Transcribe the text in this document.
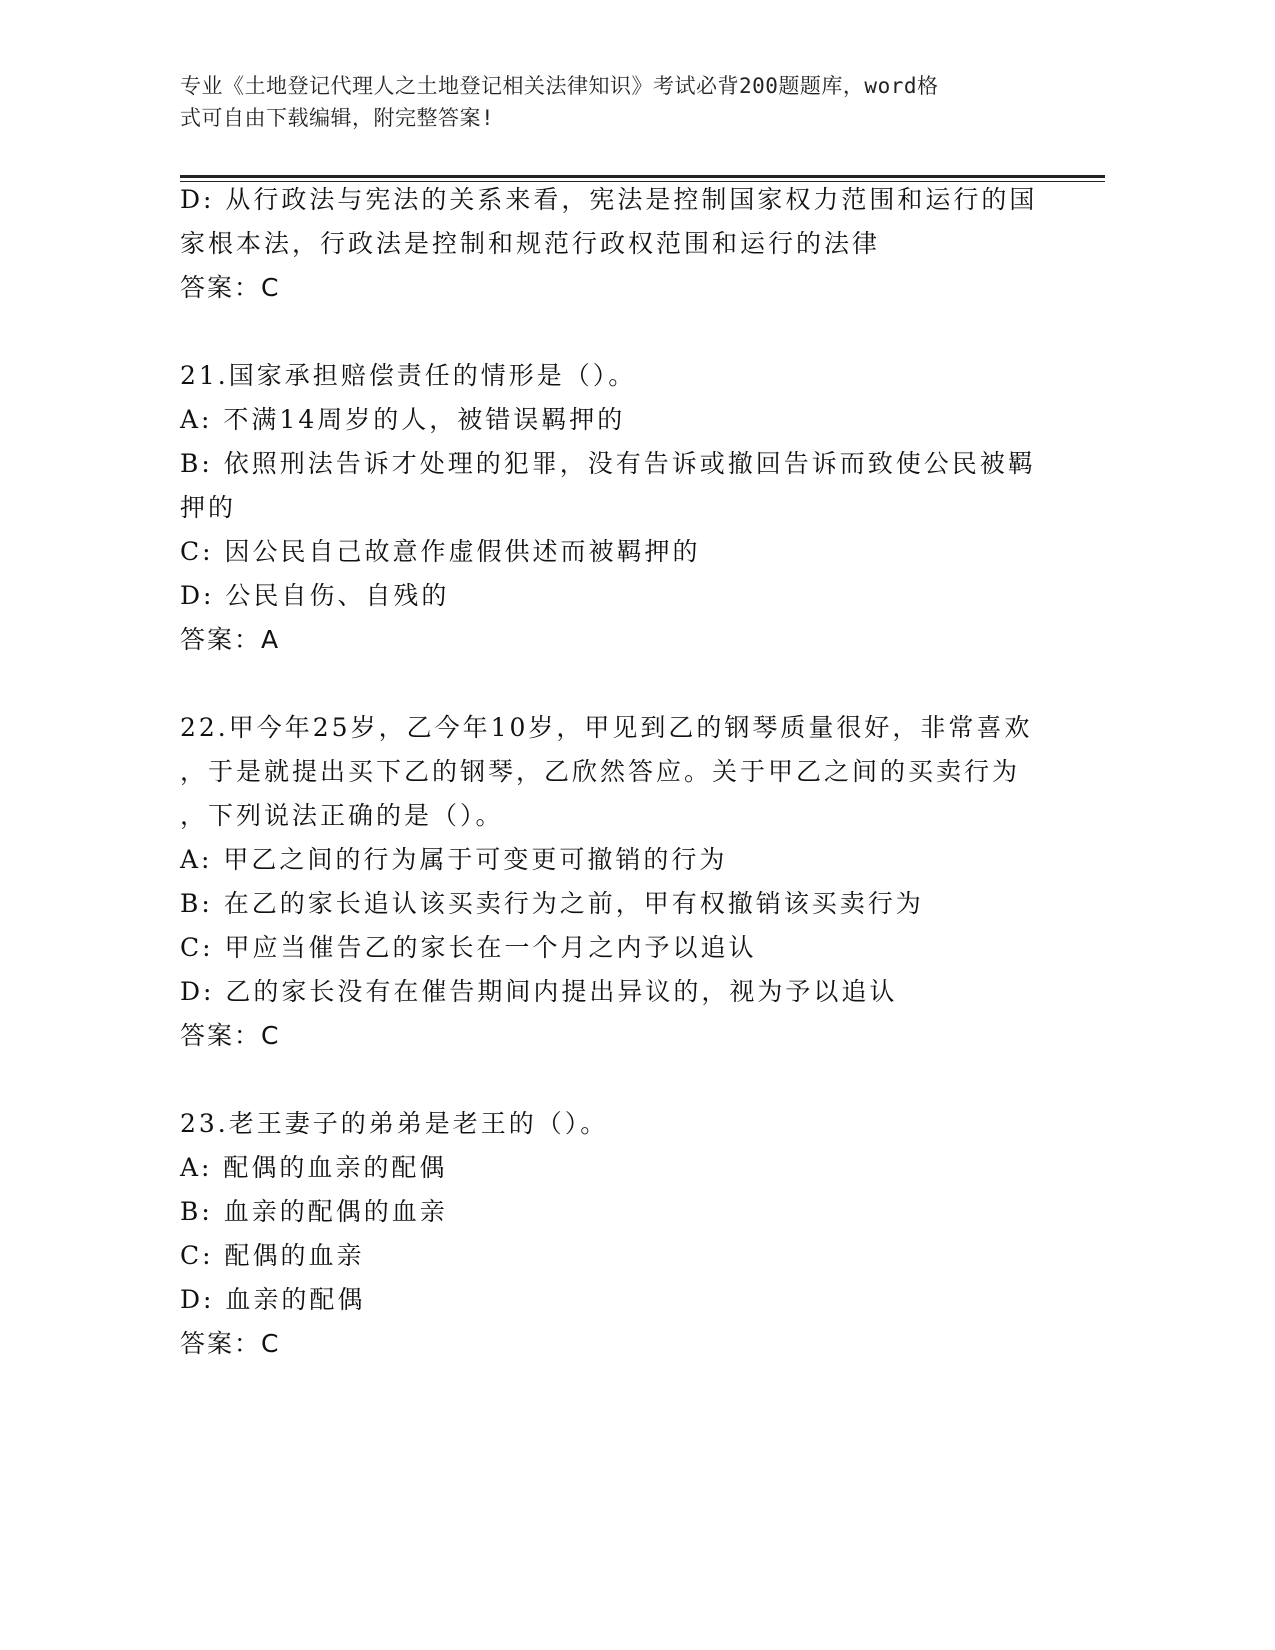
专业《土地登记代理人之土地登记相关法律知识》考试必背200题题库，word格
式可自由下载编辑，附完整答案!
D: 从行政法与宪法的关系来看，宪法是控制国家权力范围和运行的国
家根本法，行政法是控制和规范行政权范围和运行的法律
答案：C
21.国家承担赔偿责任的情形是（）。
A: 不满14周岁的人，被错误羁押的
B: 依照刑法告诉才处理的犯罪，没有告诉或撤回告诉而致使公民被羁
押的
C: 因公民自己故意作虚假供述而被羁押的
D: 公民自伤、自残的
答案：A
22.甲今年25岁，乙今年10岁，甲见到乙的钢琴质量很好，非常喜欢
，于是就提出买下乙的钢琴，乙欣然答应。关于甲乙之间的买卖行为
，下列说法正确的是（）。
A: 甲乙之间的行为属于可变更可撤销的行为
B: 在乙的家长追认该买卖行为之前，甲有权撤销该买卖行为
C: 甲应当催告乙的家长在一个月之内予以追认
D: 乙的家长没有在催告期间内提出异议的，视为予以追认
答案：C
23.老王妻子的弟弟是老王的（）。
A: 配偶的血亲的配偶
B: 血亲的配偶的血亲
C: 配偶的血亲
D: 血亲的配偶
答案：C
